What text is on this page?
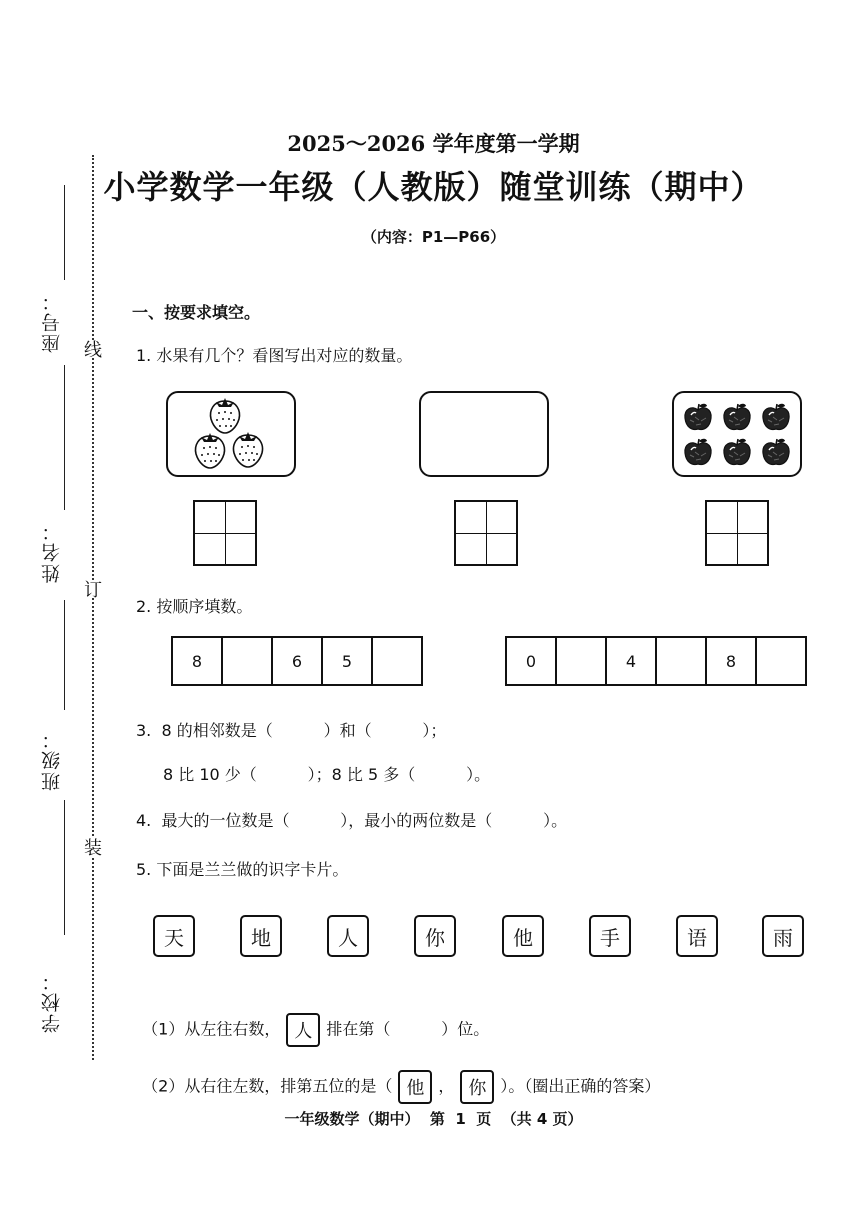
座号：
姓名：
班级：
学校：
线
订
装
2025～2026 学年度第一学期
小学数学一年级（人教版）随堂训练（期中）
（内容：P1—P66）
一、按要求填空。
1. 水果有几个？看图写出对应的数量。
2. 按顺序填数。
8	6	5	0	4	8
3.  8 的相邻数是（          ）和（          ）；
8 比 10 少（          ）；8 比 5 多（          ）。
4.  最大的一位数是（          ），最小的两位数是（          ）。
5. 下面是兰兰做的识字卡片。
天	地	人	你	他	手	语	雨

（1）从左往右数， 人 排在第（          ）位。

（2）从右往左数，排第五位的是（ 他 ， 你 ）。（圈出正确的答案）

一年级数学（期中）  第  1  页  （共 4 页）
